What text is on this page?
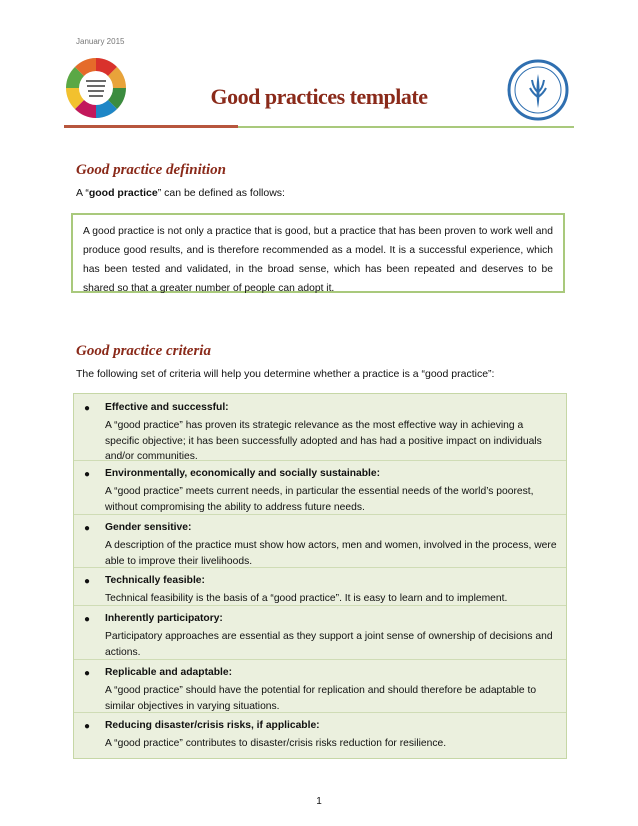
January 2015
Good practices template
Good practice definition
A “good practice” can be defined as follows:
A good practice is not only a practice that is good, but a practice that has been proven to work well and produce good results, and is therefore recommended as a model. It is a successful experience, which has been tested and validated, in the broad sense, which has been repeated and deserves to be shared so that a greater number of people can adopt it.
Good practice criteria
The following set of criteria will help you determine whether a practice is a “good practice”:
● Effective and successful:
A “good practice” has proven its strategic relevance as the most effective way in achieving a specific objective; it has been successfully adopted and has had a positive impact on individuals and/or communities.
● Environmentally, economically and socially sustainable:
A “good practice” meets current needs, in particular the essential needs of the world’s poorest, without compromising the ability to address future needs.
● Gender sensitive:
A description of the practice must show how actors, men and women, involved in the process, were able to improve their livelihoods.
● Technically feasible:
Technical feasibility is the basis of a “good practice”. It is easy to learn and to implement.
● Inherently participatory:
Participatory approaches are essential as they support a joint sense of ownership of decisions and actions.
● Replicable and adaptable:
A “good practice” should have the potential for replication and should therefore be adaptable to similar objectives in varying situations.
● Reducing disaster/crisis risks, if applicable:
A “good practice” contributes to disaster/crisis risks reduction for resilience.
1
